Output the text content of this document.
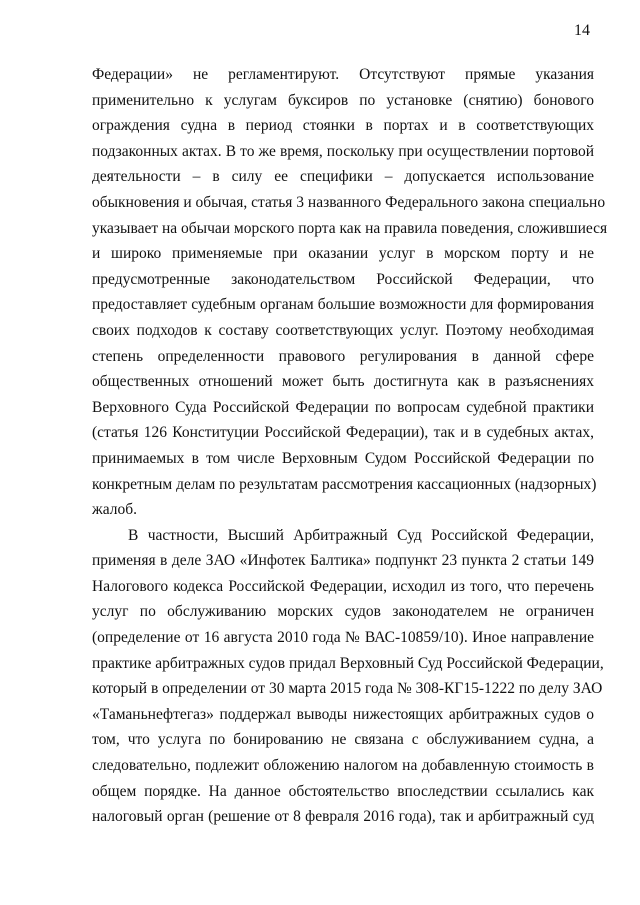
14

Федерации» не регламентируют. Отсутствуют прямые указания
применительно к услугам буксиров по установке (снятию) бонового
ограждения судна в период стоянки в портах и в соответствующих
подзаконных актах. В то же время, поскольку при осуществлении портовой
деятельности – в силу ее специфики – допускается использование
обыкновения и обычая, статья 3 названного Федерального закона специально
указывает на обычаи морского порта как на правила поведения, сложившиеся
и широко применяемые при оказании услуг в морском порту и не
предусмотренные законодательством Российской Федерации, что
предоставляет судебным органам большие возможности для формирования
своих подходов к составу соответствующих услуг. Поэтому необходимая
степень определенности правового регулирования в данной сфере
общественных отношений может быть достигнута как в разъяснениях
Верховного Суда Российской Федерации по вопросам судебной практики
(статья 126 Конституции Российской Федерации), так и в судебных актах,
принимаемых в том числе Верховным Судом Российской Федерации по
конкретным делам по результатам рассмотрения кассационных (надзорных)
жалоб.

В частности, Высший Арбитражный Суд Российской Федерации,
применяя в деле ЗАО «Инфотек Балтика» подпункт 23 пункта 2 статьи 149
Налогового кодекса Российской Федерации, исходил из того, что перечень
услуг по обслуживанию морских судов законодателем не ограничен
(определение от 16 августа 2010 года № ВАС-10859/10). Иное направление
практике арбитражных судов придал Верховный Суд Российской Федерации,
который в определении от 30 марта 2015 года № 308-КГ15-1222 по делу ЗАО
«Таманьнефтегаз» поддержал выводы нижестоящих арбитражных судов о
том, что услуга по бонированию не связана с обслуживанием судна, а
следовательно, подлежит обложению налогом на добавленную стоимость в
общем порядке. На данное обстоятельство впоследствии ссылались как
налоговый орган (решение от 8 февраля 2016 года), так и арбитражный суд
